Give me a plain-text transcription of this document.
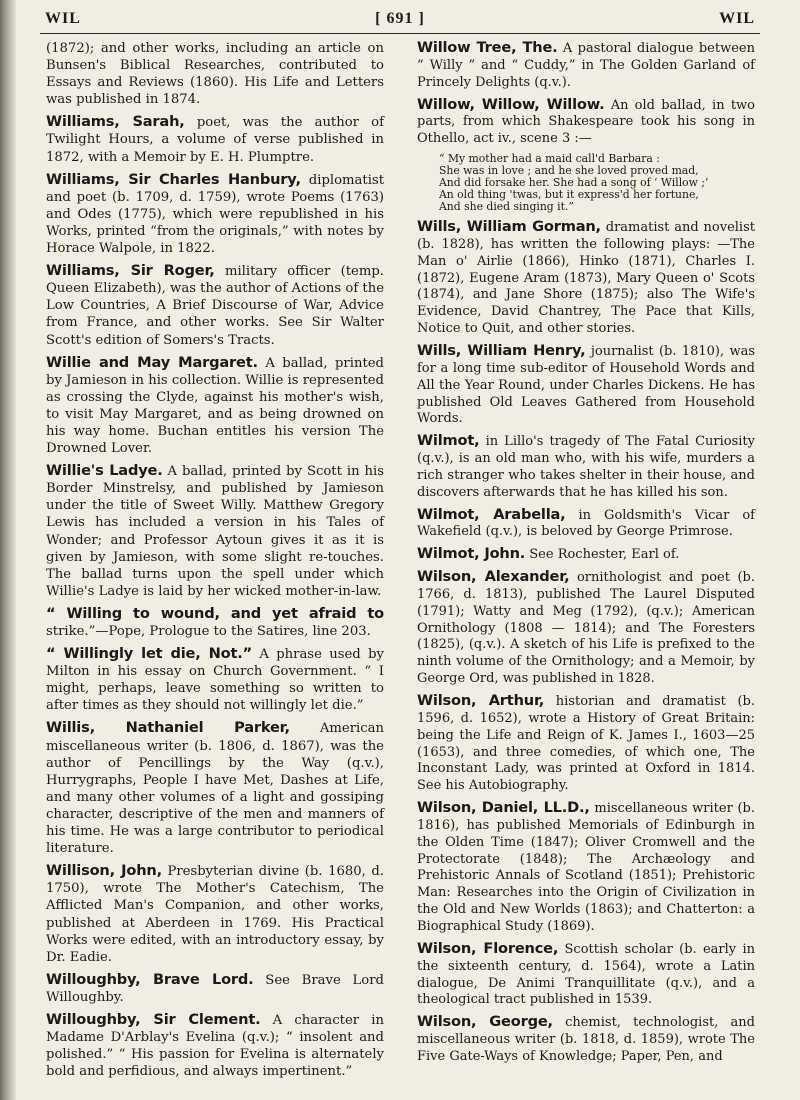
WIL	[ 691 ]	WIL
(1872); and other works, including an article on Bunsen's Biblical Researches, contributed to Essays and Reviews (1860). His Life and Letters was published in 1874.
Williams, Sarah, poet, was the author of Twilight Hours, a volume of verse published in 1872, with a Memoir by E. H. Plumptre.
Williams, Sir Charles Hanbury, diplomatist and poet (b. 1709, d. 1759), wrote Poems (1763) and Odes (1775), which were republished in his Works, printed “from the originals,” with notes by Horace Walpole, in 1822.
Williams, Sir Roger, military officer (temp. Queen Elizabeth), was the author of Actions of the Low Countries, A Brief Discourse of War, Advice from France, and other works. See Sir Walter Scott's edition of Somers's Tracts.
Willie and May Margaret. A ballad, printed by Jamieson in his collection. Willie is represented as crossing the Clyde, against his mother's wish, to visit May Margaret, and as being drowned on his way home. Buchan entitles his version The Drowned Lover.
Willie's Ladye. A ballad, printed by Scott in his Border Minstrelsy, and published by Jamieson under the title of Sweet Willy. Matthew Gregory Lewis has included a version in his Tales of Wonder; and Professor Aytoun gives it as it is given by Jamieson, with some slight re-touches. The ballad turns upon the spell under which Willie's Ladye is laid by her wicked mother-in-law.
“ Willing to wound, and yet afraid to strike.”—Pope, Prologue to the Satires, line 203.
“ Willingly let die, Not.” A phrase used by Milton in his essay on Church Government. “ I might, perhaps, leave something so written to after times as they should not willingly let die.”
Willis, Nathaniel Parker, American miscellaneous writer (b. 1806, d. 1867), was the author of Pencillings by the Way (q.v.), Hurrygraphs, People I have Met, Dashes at Life, and many other volumes of a light and gossiping character, descriptive of the men and manners of his time. He was a large contributor to periodical literature.
Willison, John, Presbyterian divine (b. 1680, d. 1750), wrote The Mother's Catechism, The Afflicted Man's Companion, and other works, published at Aberdeen in 1769. His Practical Works were edited, with an introductory essay, by Dr. Eadie.
Willoughby, Brave Lord. See Brave Lord Willoughby.
Willoughby, Sir Clement. A character in Madame D'Arblay's Evelina (q.v.); “ insolent and polished.” “ His passion for Evelina is alternately bold and perfidious, and always impertinent.”
Willow Tree, The. A pastoral dialogue between “ Willy ” and “ Cuddy,” in The Golden Garland of Princely Delights (q.v.).
Willow, Willow, Willow. An old ballad, in two parts, from which Shakespeare took his song in Othello, act iv., scene 3 :—
“ My mother had a maid call'd Barbara :
She was in love ; and he she loved proved mad,
And did forsake her. She had a song of ‘ Willow ;’
An old thing 'twas, but it express'd her fortune,
And she died singing it.”
Wills, William Gorman, dramatist and novelist (b. 1828), has written the following plays: —The Man o' Airlie (1866), Hinko (1871), Charles I. (1872), Eugene Aram (1873), Mary Queen o' Scots (1874), and Jane Shore (1875); also The Wife's Evidence, David Chantrey, The Pace that Kills, Notice to Quit, and other stories.
Wills, William Henry, journalist (b. 1810), was for a long time sub-editor of Household Words and All the Year Round, under Charles Dickens. He has published Old Leaves Gathered from Household Words.
Wilmot, in Lillo's tragedy of The Fatal Curiosity (q.v.), is an old man who, with his wife, murders a rich stranger who takes shelter in their house, and discovers afterwards that he has killed his son.
Wilmot, Arabella, in Goldsmith's Vicar of Wakefield (q.v.), is beloved by George Primrose.
Wilmot, John. See Rochester, Earl of.
Wilson, Alexander, ornithologist and poet (b. 1766, d. 1813), published The Laurel Disputed (1791); Watty and Meg (1792), (q.v.); American Ornithology (1808 — 1814); and The Foresters (1825), (q.v.). A sketch of his Life is prefixed to the ninth volume of the Ornithology; and a Memoir, by George Ord, was published in 1828.
Wilson, Arthur, historian and dramatist (b. 1596, d. 1652), wrote a History of Great Britain: being the Life and Reign of K. James I., 1603—25 (1653), and three comedies, of which one, The Inconstant Lady, was printed at Oxford in 1814. See his Autobiography.
Wilson, Daniel, LL.D., miscellaneous writer (b. 1816), has published Memorials of Edinburgh in the Olden Time (1847); Oliver Cromwell and the Protectorate (1848); The Archæology and Prehistoric Annals of Scotland (1851); Prehistoric Man: Researches into the Origin of Civilization in the Old and New Worlds (1863); and Chatterton: a Biographical Study (1869).
Wilson, Florence, Scottish scholar (b. early in the sixteenth century, d. 1564), wrote a Latin dialogue, De Animi Tranquillitate (q.v.), and a theological tract published in 1539.
Wilson, George, chemist, technologist, and miscellaneous writer (b. 1818, d. 1859), wrote The Five Gate-Ways of Knowledge; Paper, Pen, and
